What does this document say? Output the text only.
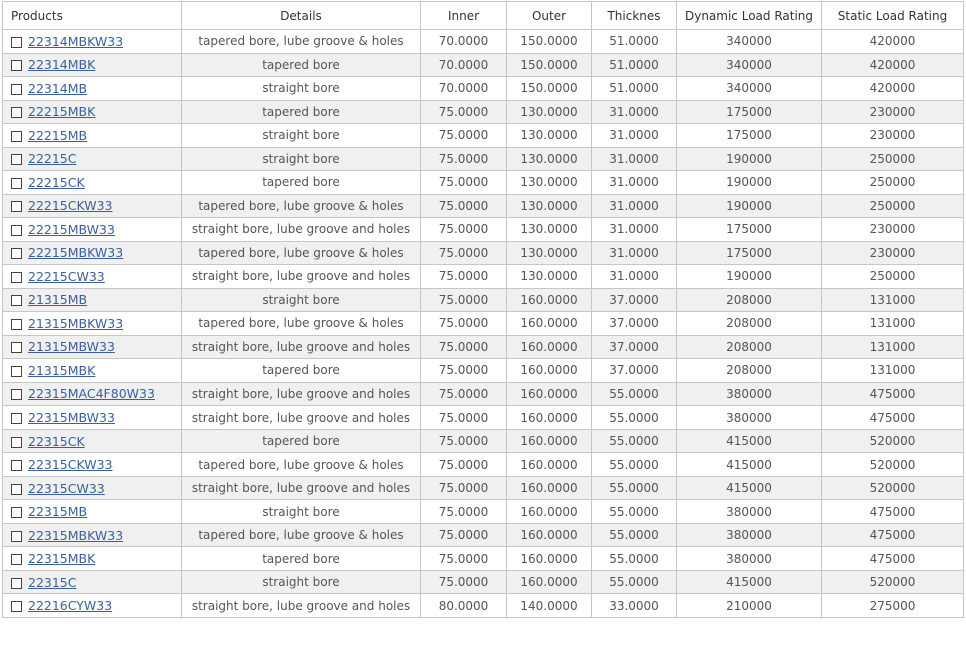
Products	Details	Inner	Outer	Thicknes	Dynamic Load Rating	Static Load Rating
22314MBKW33	tapered bore, lube groove & holes	70.0000	150.0000	51.0000	340000	420000
22314MBK	tapered bore	70.0000	150.0000	51.0000	340000	420000
22314MB	straight bore	70.0000	150.0000	51.0000	340000	420000
22215MBK	tapered bore	75.0000	130.0000	31.0000	175000	230000
22215MB	straight bore	75.0000	130.0000	31.0000	175000	230000
22215C	straight bore	75.0000	130.0000	31.0000	190000	250000
22215CK	tapered bore	75.0000	130.0000	31.0000	190000	250000
22215CKW33	tapered bore, lube groove & holes	75.0000	130.0000	31.0000	190000	250000
22215MBW33	straight bore, lube groove and holes	75.0000	130.0000	31.0000	175000	230000
22215MBKW33	tapered bore, lube groove & holes	75.0000	130.0000	31.0000	175000	230000
22215CW33	straight bore, lube groove and holes	75.0000	130.0000	31.0000	190000	250000
21315MB	straight bore	75.0000	160.0000	37.0000	208000	131000
21315MBKW33	tapered bore, lube groove & holes	75.0000	160.0000	37.0000	208000	131000
21315MBW33	straight bore, lube groove and holes	75.0000	160.0000	37.0000	208000	131000
21315MBK	tapered bore	75.0000	160.0000	37.0000	208000	131000
22315MAC4F80W33	straight bore, lube groove and holes	75.0000	160.0000	55.0000	380000	475000
22315MBW33	straight bore, lube groove and holes	75.0000	160.0000	55.0000	380000	475000
22315CK	tapered bore	75.0000	160.0000	55.0000	415000	520000
22315CKW33	tapered bore, lube groove & holes	75.0000	160.0000	55.0000	415000	520000
22315CW33	straight bore, lube groove and holes	75.0000	160.0000	55.0000	415000	520000
22315MB	straight bore	75.0000	160.0000	55.0000	380000	475000
22315MBKW33	tapered bore, lube groove & holes	75.0000	160.0000	55.0000	380000	475000
22315MBK	tapered bore	75.0000	160.0000	55.0000	380000	475000
22315C	straight bore	75.0000	160.0000	55.0000	415000	520000
22216CYW33	straight bore, lube groove and holes	80.0000	140.0000	33.0000	210000	275000
